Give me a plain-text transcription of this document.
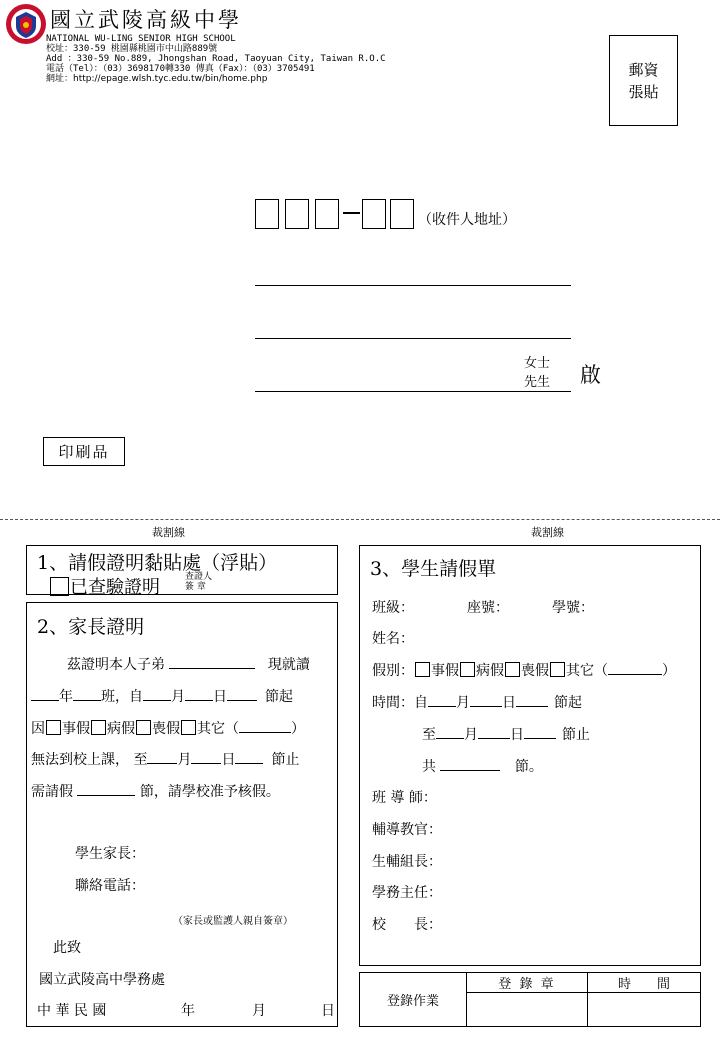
國立武陵高級中學
NATIONAL WU-LING SENIOR HIGH SCHOOL
校址：330-59 桃園縣桃園市中山路889號
Add ：330-59 No.889, Jhongshan Road, Taoyuan City, Taiwan R.O.C
電話（Tel）：（03）3698170轉330 傳真（Fax）：（03）3705491
網址：http://epage.wlsh.tyc.edu.tw/bin/home.php
郵資
張貼
（收件人地址）
女士
先生 啟
印刷品
裁割線	裁割線
1、請假證明黏貼處（浮貼）
已查驗證明	查證人
簽 章
2、家長證明
茲證明本人子弟	現就讀
年 班，自 月 日	節起
因 事假 病假 喪假 其它（	）
無法到校上課， 至 月 日	節止
需請假	節，請學校准予核假。
學生家長：
聯絡電話：
（家長或監護人親自簽章）
此致
國立武陵高中學務處
中 華 民 國	年	月	日
3、學生請假單
班級：	座號：	學號：
姓名：
假別： 事假 病假 喪假 其它（	）
時間：自 月 日	節起
至 月 日	節止
共	節。
班 導 師：
輔導教官：
生輔組長：
學務主任：
校　　長：
登錄作業	登 錄 章	時　　間
